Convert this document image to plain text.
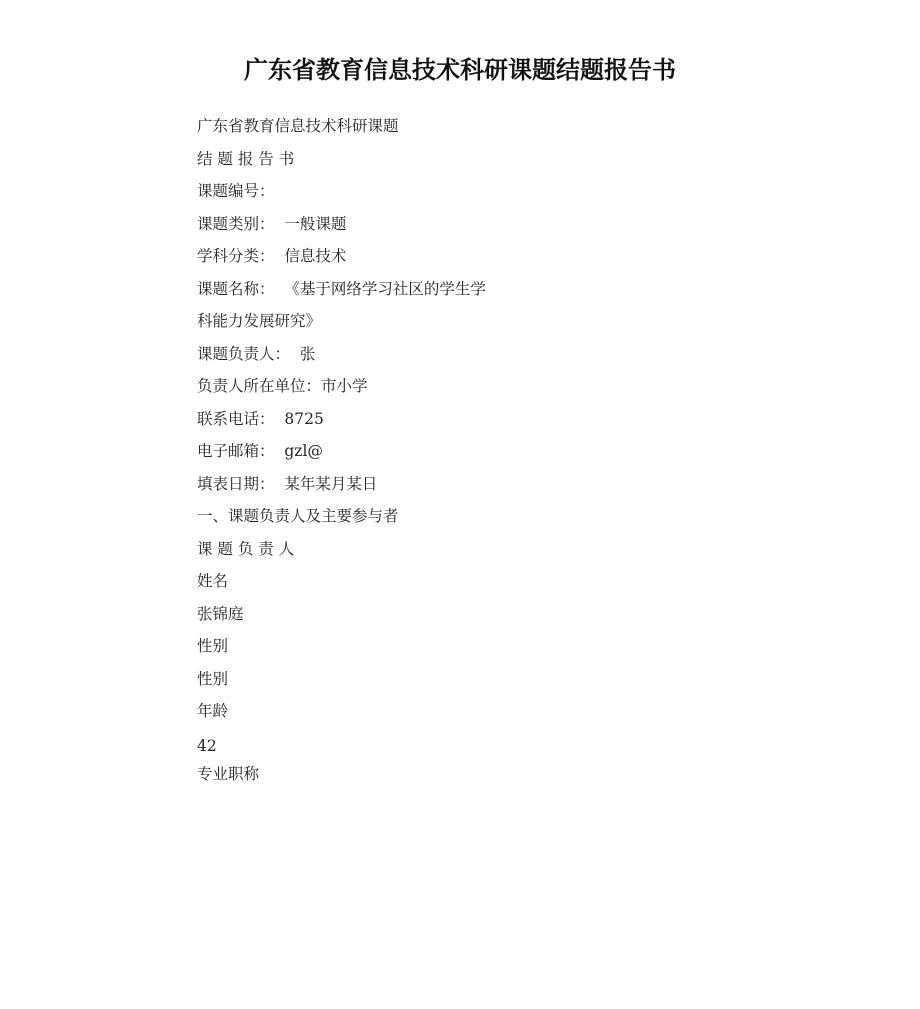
广东省教育信息技术科研课题结题报告书
广东省教育信息技术科研课题
结 题 报 告 书
课题编号：
课题类别：  一般课题
学科分类：  信息技术
课题名称：  《基于网络学习社区的学生学
科能力发展研究》
课题负责人：  张
负责人所在单位：市小学
联系电话：  8725
电子邮箱：  gzl@
填表日期：  某年某月某日
一、课题负责人及主要参与者
课 题 负 责 人
姓名
张锦庭
性别
性别
年龄
42
专业职称
